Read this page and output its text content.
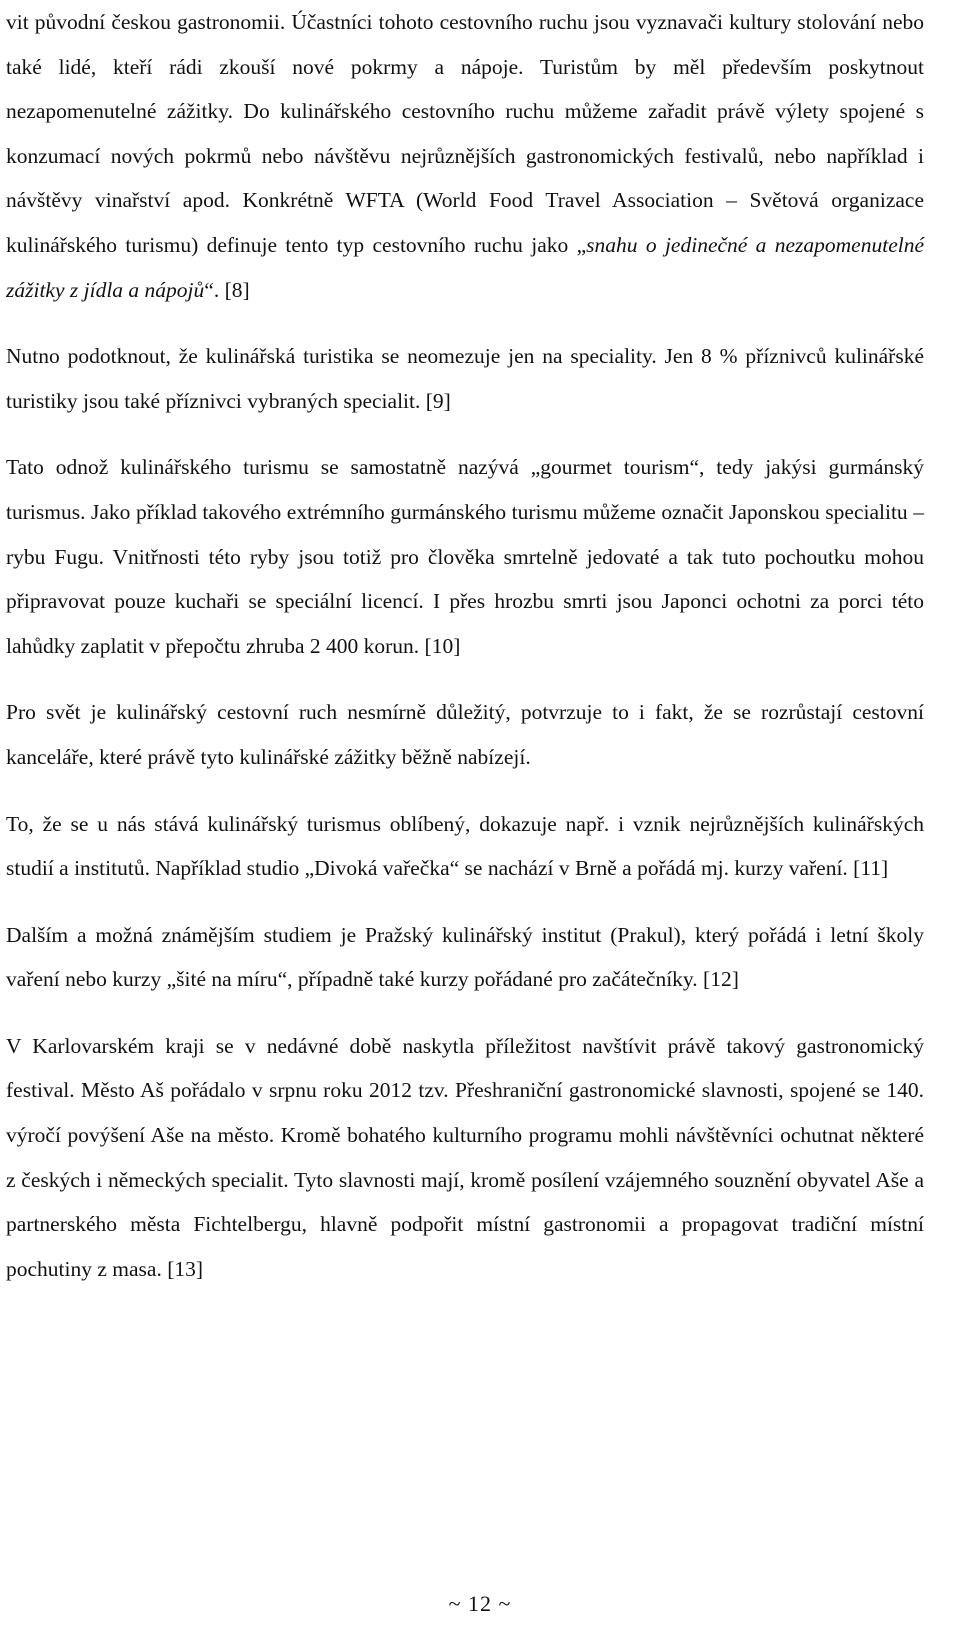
vit původní českou gastronomii. Účastníci tohoto cestovního ruchu jsou vyznavači kultury stolování nebo také lidé, kteří rádi zkouší nové pokrmy a nápoje. Turistům by měl především poskytnout nezapomenutelné zážitky. Do kulinářského cestovního ruchu můžeme zařadit právě výlety spojené s konzumací nových pokrmů nebo návštěvu nejrůznějších gastronomických festivalů, nebo například i návštěvy vinařství apod. Konkrétně WFTA (World Food Travel Association – Světová organizace kulinářského turismu) definuje tento typ cestovního ruchu jako „snahu o jedinečné a nezapomenutelné zážitky z jídla a nápojů“. [8]

Nutno podotknout, že kulinářská turistika se neomezuje jen na speciality. Jen 8 % příznivců kulinářské turistiky jsou také příznivci vybraných specialit. [9]

Tato odnož kulinářského turismu se samostatně nazývá „gourmet tourism“, tedy jakýsi gurmánský turismus. Jako příklad takového extrémního gurmánského turismu můžeme označit Japonskou specialitu – rybu Fugu. Vnitřnosti této ryby jsou totiž pro člověka smrtelně jedovaté a tak tuto pochoutku mohou připravovat pouze kuchaři se speciální licencí. I přes hrozbu smrti jsou Japonci ochotni za porci této lahůdky zaplatit v přepočtu zhruba 2 400 korun. [10]

Pro svět je kulinářský cestovní ruch nesmírně důležitý, potvrzuje to i fakt, že se rozrůstají cestovní kanceláře, které právě tyto kulinářské zážitky běžně nabízejí.

To, že se u nás stává kulinářský turismus oblíbený, dokazuje např. i vznik nejrůznějších kulinářských studií a institutů. Například studio „Divoká vařečka“ se nachází v Brně a pořádá mj. kurzy vaření. [11]

Dalším a možná známějším studiem je Pražský kulinářský institut (Prakul), který pořádá i letní školy vaření nebo kurzy „šité na míru“, případně také kurzy pořádané pro začátečníky. [12]

V Karlovarském kraji se v nedávné době naskytla příležitost navštívit právě takový gastronomický festival. Město Aš pořádalo v srpnu roku 2012 tzv. Přeshraniční gastronomické slavnosti, spojené se 140. výročí povýšení Aše na město. Kromě bohatého kulturního programu mohli návštěvníci ochutnat některé z českých i německých specialit. Tyto slavnosti mají, kromě posílení vzájemného souznění obyvatel Aše a partnerského města Fichtelbergu, hlavně podpořit místní gastronomii a propagovat tradiční místní pochutiny z masa. [13]

~ 12 ~
